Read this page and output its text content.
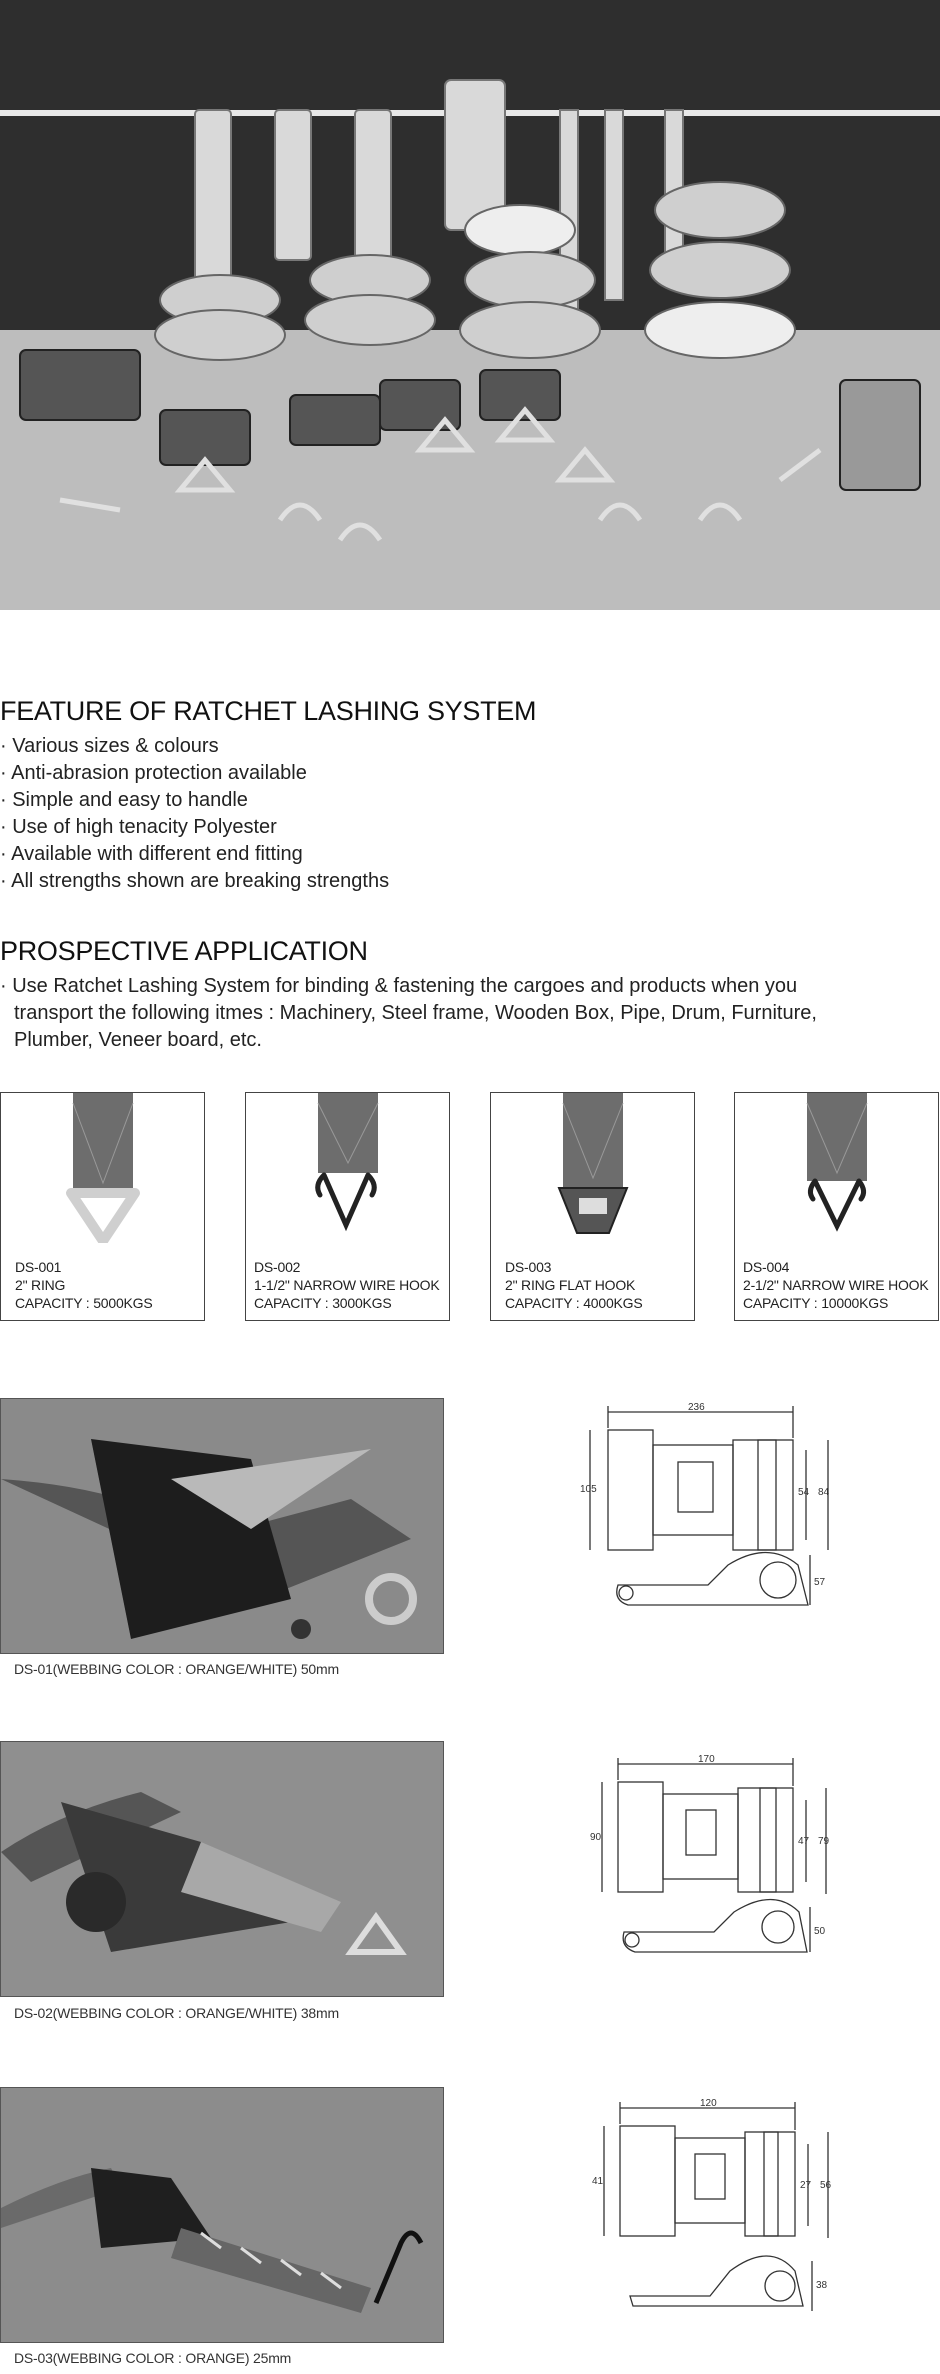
FEATURE OF RATCHET LASHING SYSTEM
· Various sizes & colours
· Anti-abrasion protection available
· Simple and easy to handle
· Use of high tenacity Polyester
· Available with different end fitting
· All strengths shown are breaking strengths
PROSPECTIVE APPLICATION
· Use Ratchet Lashing System for binding & fastening the cargoes and products when you
transport the following itmes : Machinery, Steel frame, Wooden Box, Pipe, Drum, Furniture,
Plumber, Veneer board, etc.
DS-001
2" RING
CAPACITY : 5000KGS
DS-002
1-1/2" NARROW WIRE HOOK
CAPACITY : 3000KGS
DS-003
2" RING FLAT HOOK
CAPACITY : 4000KGS
DS-004
2-1/2" NARROW WIRE HOOK
CAPACITY : 10000KGS
DS-01(WEBBING COLOR : ORANGE/WHITE) 50mm
236
105	54 84
57
DS-02(WEBBING COLOR : ORANGE/WHITE) 38mm
170
90	47 79
50
DS-03(WEBBING COLOR : ORANGE) 25mm
120
41	27 56
38
